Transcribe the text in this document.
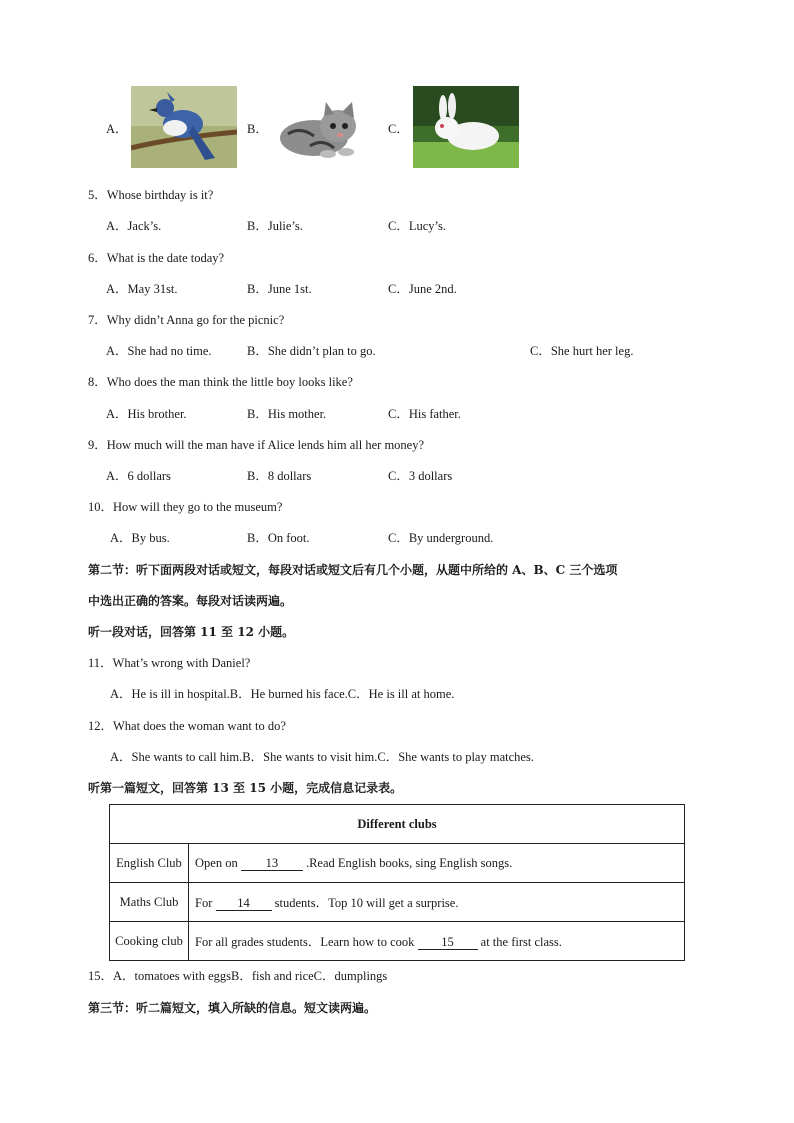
A．	B．	C．
5．Whose birthday is it?
A．Jack’s.	B．Julie’s.	C．Lucy’s.
6．What is the date today?
A．May 31st.	B．June 1st.	C．June 2nd.
7．Why didn’t Anna go for the picnic?
A．She had no time.	B．She didn’t plan to go.	C．She hurt her leg.
8．Who does the man think the little boy looks like?
A．His brother.	B．His mother.	C．His father.
9．How much will the man have if Alice lends him all her money?
A．6 dollars	B．8 dollars	C．3 dollars
10．How will they go to the museum?
A．By bus.	B．On foot.	C．By underground.
第二节：听下面两段对话或短文，每段对话或短文后有几个小题，从题中所给的 A、B、C 三个选项
中选出正确的答案。每段对话读两遍。
听一段对话，回答第 11 至 12 小题。
11．What’s wrong with Daniel?
A．He is ill in hospital.B．He burned his face.C．He is ill at home.
12．What does the woman want to do?
A．She wants to call him.B．She wants to visit him.C．She wants to play matches.
听第一篇短文，回答第 13 至 15 小题，完成信息记录表。
Different clubs	
English Club	Open on 13 .Read English books, sing English songs.
Maths Club	For 14 students．Top 10 will get a surprise.
Cooking club	For all grades students．Learn how to cook 15 at the first class.
15．A．tomatoes with eggsB．fish and riceC．dumplings
第三节：听二篇短文，填入所缺的信息。短文读两遍。
